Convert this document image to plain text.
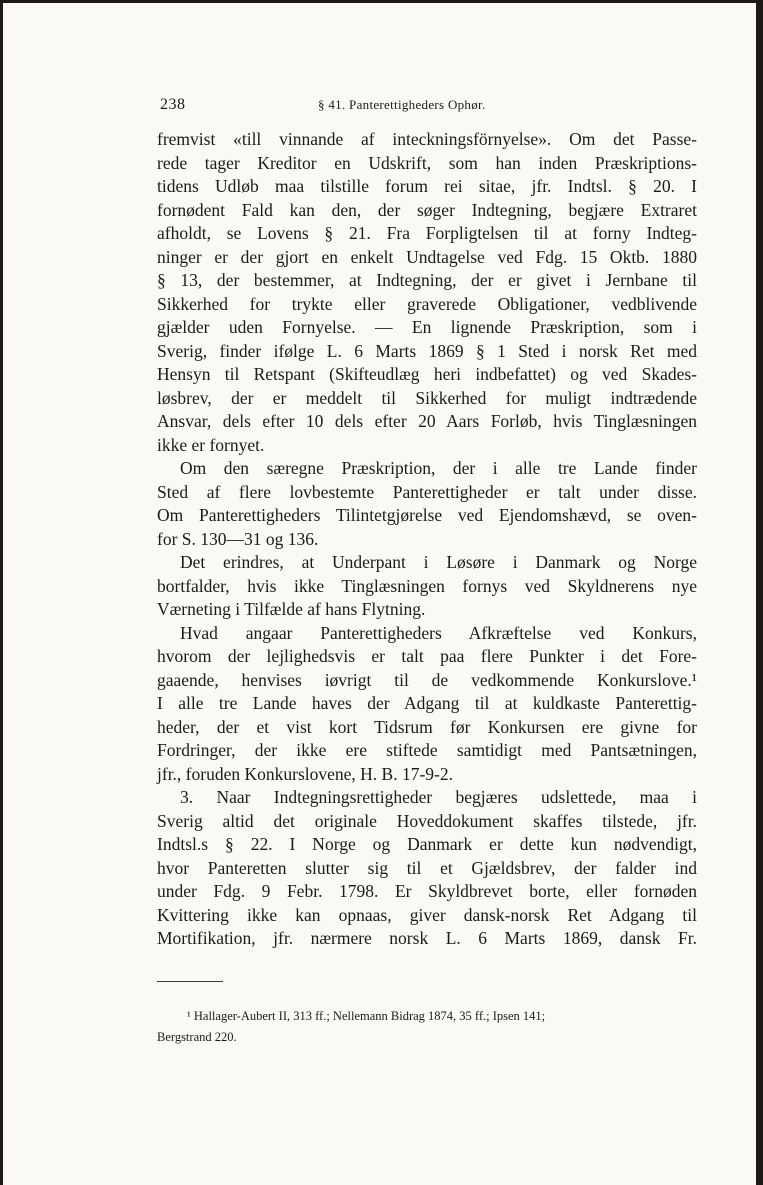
238	§ 41. Panterettigheders Ophør.
fremvist «till vinnande af inteckningsförnyelse». Om det Passe-
rede tager Kreditor en Udskrift, som han inden Præskriptions-
tidens Udløb maa tilstille forum rei sitae, jfr. Indtsl. § 20. I
fornødent Fald kan den, der søger Indtegning, begjære Extraret
afholdt, se Lovens § 21. Fra Forpligtelsen til at forny Indteg-
ninger er der gjort en enkelt Undtagelse ved Fdg. 15 Oktb. 1880
§ 13, der bestemmer, at Indtegning, der er givet i Jernbane til
Sikkerhed for trykte eller graverede Obligationer, vedblivende
gjælder uden Fornyelse. — En lignende Præskription, som i
Sverig, finder ifølge L. 6 Marts 1869 § 1 Sted i norsk Ret med
Hensyn til Retspant (Skifteudlæg heri indbefattet) og ved Skades-
løsbrev, der er meddelt til Sikkerhed for muligt indtrædende
Ansvar, dels efter 10 dels efter 20 Aars Forløb, hvis Tinglæsningen
ikke er fornyet.
Om den særegne Præskription, der i alle tre Lande finder
Sted af flere lovbestemte Panterettigheder er talt under disse.
Om Panterettigheders Tilintetgjørelse ved Ejendomshævd, se oven-
for S. 130—31 og 136.
Det erindres, at Underpant i Løsøre i Danmark og Norge
bortfalder, hvis ikke Tinglæsningen fornys ved Skyldnerens nye
Værneting i Tilfælde af hans Flytning.
Hvad angaar Panterettigheders Afkræftelse ved Konkurs,
hvorom der lejlighedsvis er talt paa flere Punkter i det Fore-
gaaende, henvises iøvrigt til de vedkommende Konkurslove.¹
I alle tre Lande haves der Adgang til at kuldkaste Panterettig-
heder, der et vist kort Tidsrum før Konkursen ere givne for
Fordringer, der ikke ere stiftede samtidigt med Pantsætningen,
jfr., foruden Konkurslovene, H. B. 17-9-2.
3. Naar Indtegningsrettigheder begjæres udslettede, maa i
Sverig altid det originale Hoveddokument skaffes tilstede, jfr.
Indtsl.s § 22. I Norge og Danmark er dette kun nødvendigt,
hvor Panteretten slutter sig til et Gjældsbrev, der falder ind
under Fdg. 9 Febr. 1798. Er Skyldbrevet borte, eller fornøden
Kvittering ikke kan opnaas, giver dansk-norsk Ret Adgang til
Mortifikation, jfr. nærmere norsk L. 6 Marts 1869, dansk Fr.
¹ Hallager-Aubert II, 313 ff.; Nellemann Bidrag 1874, 35 ff.; Ipsen 141;
Bergstrand 220.
